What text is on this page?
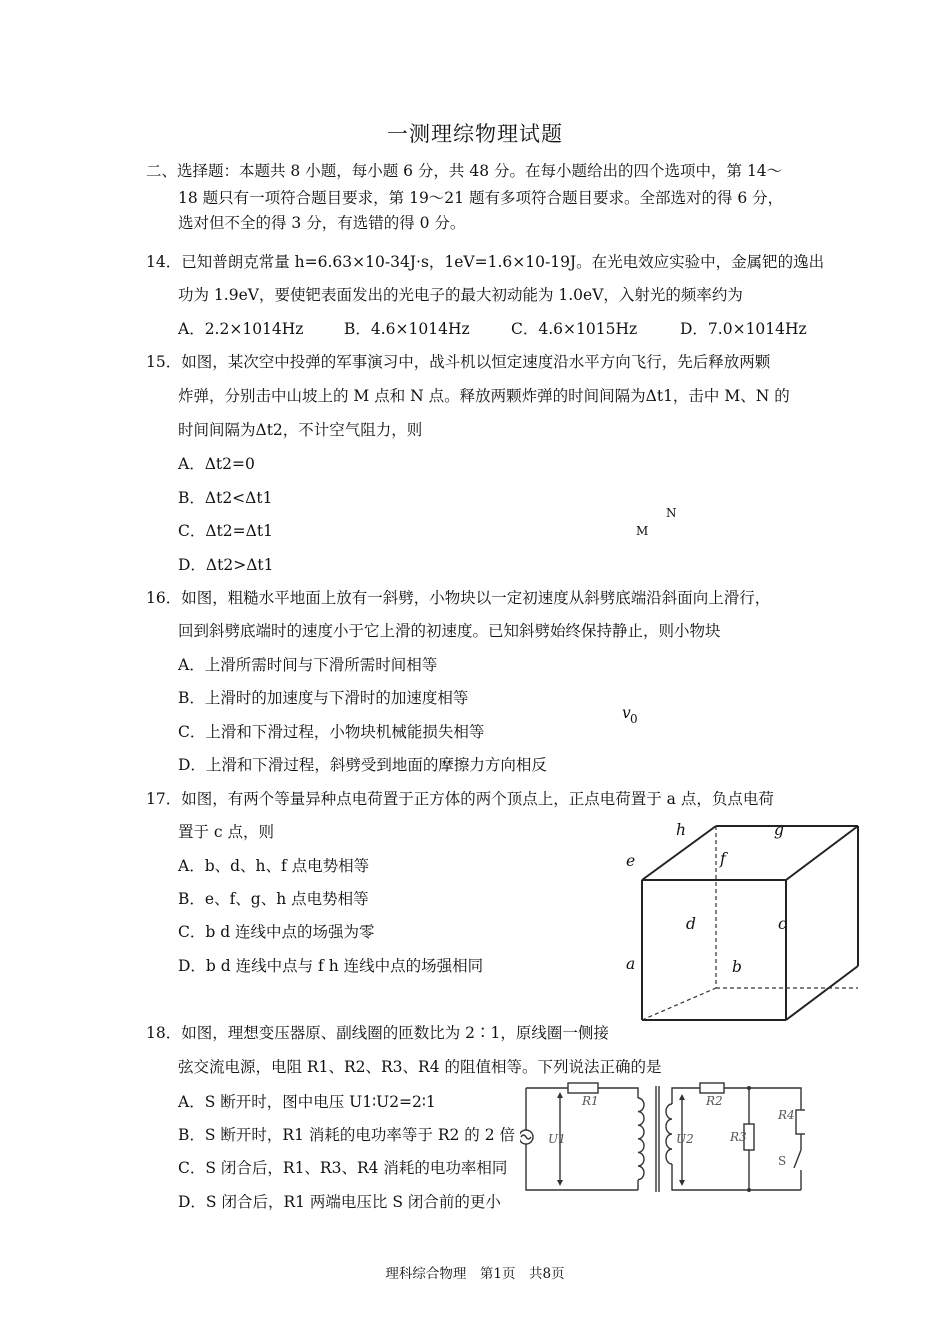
一测理综物理试题
二、选择题：本题共 8 小题，每小题 6 分，共 48 分。在每小题给出的四个选项中，第 14～
18 题只有一项符合题目要求，第 19～21 题有多项符合题目要求。全部选对的得 6 分，
选对但不全的得 3 分，有选错的得 0 分。
14．已知普朗克常量 h=6.63×10-34J·s，1eV=1.6×10-19J。在光电效应实验中，金属钯的逸出
功为 1.9eV，要使钯表面发出的光电子的最大初动能为 1.0eV，入射光的频率约为
A．2.2×1014Hz	B．4.6×1014Hz	C．4.6×1015Hz	D．7.0×1014Hz
15．如图，某次空中投弹的军事演习中，战斗机以恒定速度沿水平方向飞行，先后释放两颗
炸弹，分别击中山坡上的 M 点和 N 点。释放两颗炸弹的时间间隔为Δt1，击中 M、N 的
时间间隔为Δt2，不计空气阻力，则
A．Δt2=0
B．Δt2<Δt1
C．Δt2=Δt1
D．Δt2>Δt1
N
M
16．如图，粗糙水平地面上放有一斜劈，小物块以一定初速度从斜劈底端沿斜面向上滑行，
回到斜劈底端时的速度小于它上滑的初速度。已知斜劈始终保持静止，则小物块
A．上滑所需时间与下滑所需时间相等
B．上滑时的加速度与下滑时的加速度相等
C．上滑和下滑过程，小物块机械能损失相等
D．上滑和下滑过程，斜劈受到地面的摩擦力方向相反
v 0
17．如图，有两个等量异种点电荷置于正方体的两个顶点上，正点电荷置于 a 点，负点电荷
置于 c 点，则
A．b、d、h、f 点电势相等
B．e、f、g、h 点电势相等
C．b d 连线中点的场强为零
D．b d 连线中点与 f h 连线中点的场强相同
h	g
e	f
d	c
a	b
18．如图，理想变压器原、副线圈的匝数比为 2∶1，原线圈一侧接
弦交流电源，电阻 R1、R2、R3、R4 的阻值相等。下列说法正确的是
A．S 断开时，图中电压 U1∶U2=2∶1
B．S 断开时，R1 消耗的电功率等于 R2 的 2 倍
C．S 闭合后，R1、R3、R4 消耗的电功率相同
D．S 闭合后，R1 两端电压比 S 闭合前的更小
R1	R2
R3
R4
U1	U2
S
理科综合物理　第1页　共8页
